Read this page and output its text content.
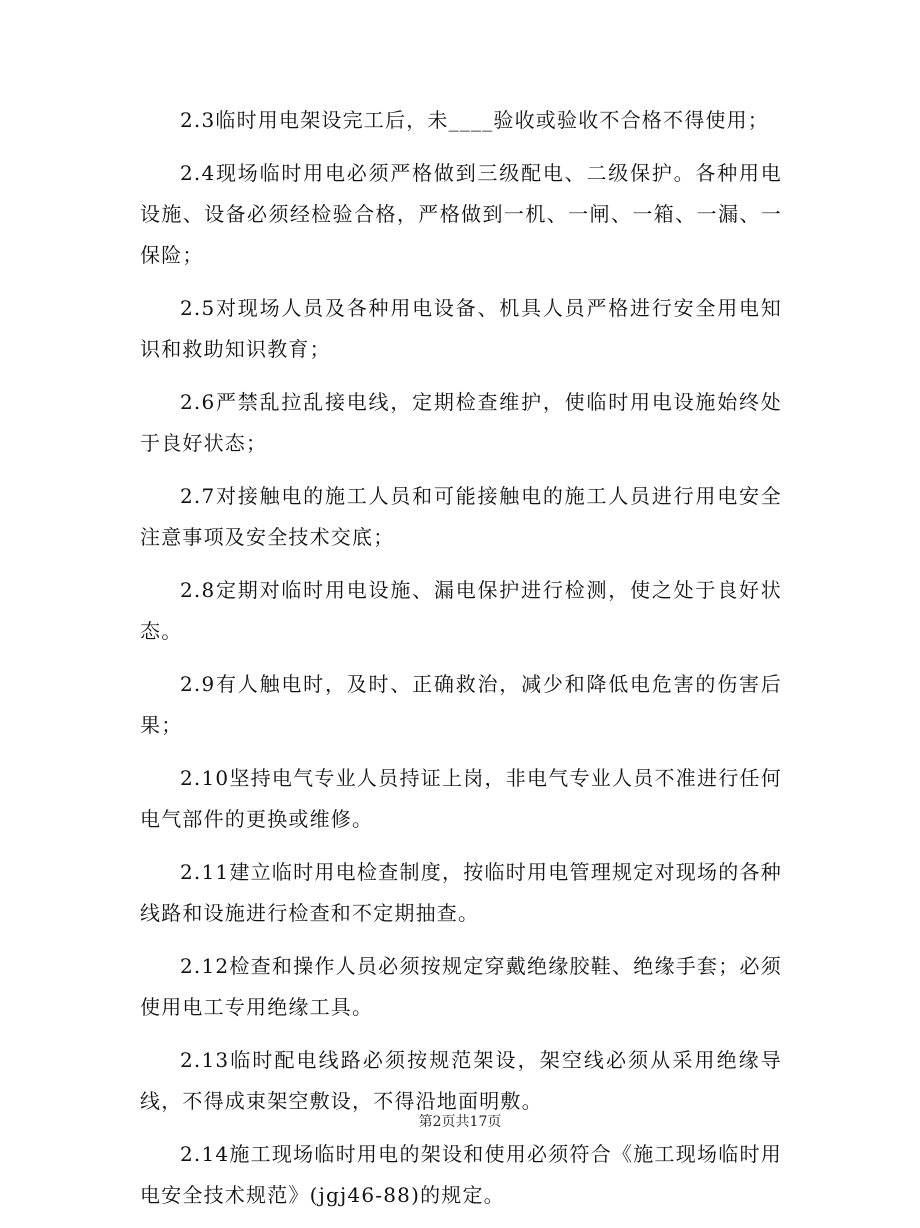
2.3临时用电架设完工后，未____验收或验收不合格不得使用；

2.4现场临时用电必须严格做到三级配电、二级保护。各种用电设施、设备必须经检验合格，严格做到一机、一闸、一箱、一漏、一保险；

2.5对现场人员及各种用电设备、机具人员严格进行安全用电知识和救助知识教育；

2.6严禁乱拉乱接电线，定期检查维护，使临时用电设施始终处于良好状态；

2.7对接触电的施工人员和可能接触电的施工人员进行用电安全注意事项及安全技术交底；

2.8定期对临时用电设施、漏电保护进行检测，使之处于良好状态。

2.9有人触电时，及时、正确救治，减少和降低电危害的伤害后果；

2.10坚持电气专业人员持证上岗，非电气专业人员不准进行任何电气部件的更换或维修。

2.11建立临时用电检查制度，按临时用电管理规定对现场的各种线路和设施进行检查和不定期抽查。

2.12检查和操作人员必须按规定穿戴绝缘胶鞋、绝缘手套；必须使用电工专用绝缘工具。

2.13临时配电线路必须按规范架设，架空线必须从采用绝缘导线，不得成束架空敷设，不得沿地面明敷。

2.14施工现场临时用电的架设和使用必须符合《施工现场临时用电安全技术规范》(jgj46-88)的规定。

第2页共17页
